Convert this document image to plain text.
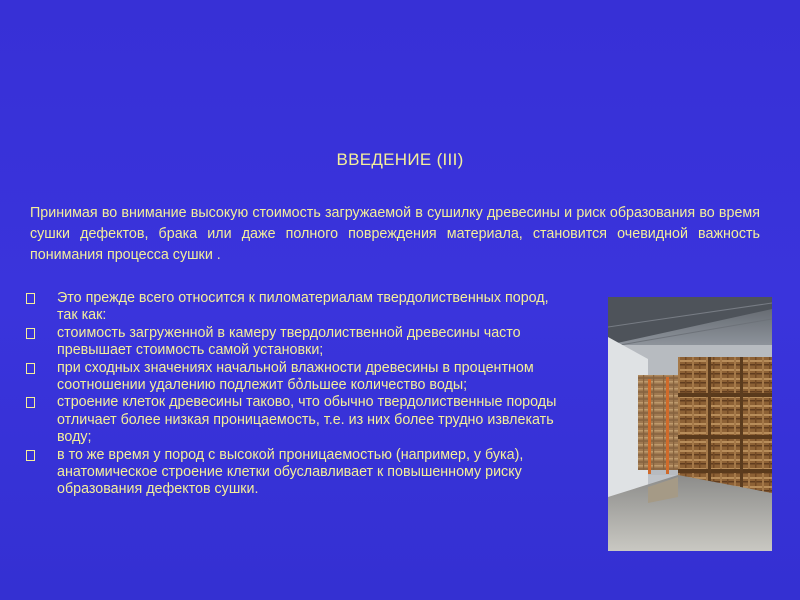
ВВЕДЕНИЕ (III)

Принимая во внимание высокую стоимость загружаемой в сушилку древесины и риск образования во время сушки дефектов, брака или даже полного повреждения материала, становится очевидной важность понимания процесса сушки .

Это прежде всего относится к пиломатериалам твердолиственных пород, так как:
стоимость загруженной в камеру твердолиственной древесины часто превышает стоимость самой установки;
при сходных значениях начальной влажности древесины в процентном соотношении удалению подлежит бỏльшее количество воды;
строение клеток древесины таково, что обычно твердолиственные породы отличает более низкая проницаемость, т.е. из них более трудно извлекать воду;
в то же время у пород с высокой проницаемостью (например, у бука), анатомическое строение клетки обуславливает к повышенному риску образования дефектов сушки.
